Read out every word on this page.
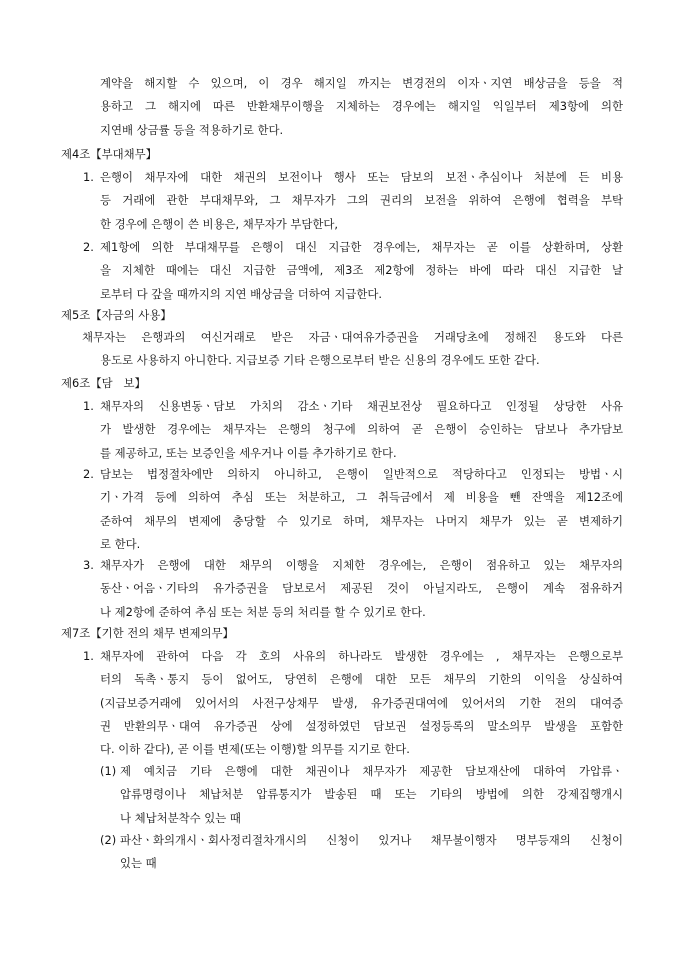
계약을 해지할 수 있으며, 이 경우 해지일 까지는 변경전의 이자ㆍ지연 배상금을 등을 적
용하고 그 해지에 따른 반환채무이행을 지체하는 경우에는 해지일 익일부터 제3항에 의한
지연배 상금률 등을 적용하기로 한다.
제4조【부대채무】
1. 은행이 채무자에 대한 채권의 보전이나 행사 또는 담보의 보전ㆍ추심이나 처분에 든 비용
등 거래에 관한 부대채무와, 그 채무자가 그의 권리의 보전을 위하여 은행에 협력을 부탁
한 경우에 은행이 쓴 비용은, 채무자가 부담한다,
2. 제1항에 의한 부대채무를 은행이 대신 지급한 경우에는, 채무자는 곧 이를 상환하며, 상환
을 지체한 때에는 대신 지급한 금액에, 제3조 제2항에 정하는 바에 따라 대신 지급한 날
로부터 다 갚을 때까지의 지연 배상금을 더하여 지급한다.
제5조【자금의 사용】
채무자는 은행과의 여신거래로 받은 자금ㆍ대여유가증권을 거래당초에 정해진 용도와 다른
용도로 사용하지 아니한다. 지급보증 기타 은행으로부터 받은 신용의 경우에도 또한 같다.
제6조【담   보】
1. 채무자의 신용변동ㆍ담보 가치의 감소ㆍ기타 채권보전상 필요하다고 인정될 상당한 사유
가 발생한 경우에는 채무자는 은행의 청구에 의하여 곧 은행이 승인하는 담보나 추가담보
를 제공하고, 또는 보증인을 세우거나 이를 추가하기로 한다.
2. 담보는 법정절차에만 의하지 아니하고, 은행이 일반적으로 적당하다고 인정되는 방법ㆍ시
기ㆍ가격 등에 의하여 추심 또는 처분하고, 그 취득금에서 제 비용을 뺀 잔액을 제12조에
준하여 채무의 변제에 충당할 수 있기로 하며, 채무자는 나머지 채무가 있는 곧 변제하기
로 한다.
3. 채무자가 은행에 대한 채무의 이행을 지체한 경우에는, 은행이 점유하고 있는 채무자의
동산ㆍ어음ㆍ기타의 유가증권을 담보로서 제공된 것이 아닐지라도, 은행이 계속 점유하거
나 제2항에 준하여 추심 또는 처분 등의 처리를 할 수 있기로 한다.
제7조【기한 전의 채무 변제의무】
1. 채무자에 관하여 다음 각 호의 사유의 하나라도 발생한 경우에는 , 채무자는 은행으로부
터의 독촉ㆍ통지 등이 없어도, 당연히 은행에 대한 모든 채무의 기한의 이익을 상실하여
(지급보증거래에 있어서의 사전구상채무 발생, 유가증권대여에 있어서의 기한 전의 대여증
권 반환의무ㆍ대여 유가증권 상에 설정하였던 담보권 설정등록의 말소의무 발생을 포함한
다. 이하 같다), 곧 이를 변제(또는 이행)할 의무를 지기로 한다.
(1) 제 예치금 기타 은행에 대한 채권이나 채무자가 제공한 담보재산에 대하여 가압류ㆍ
압류명령이나 체납처분 압류통지가 발송된 때 또는 기타의 방법에 의한 강제집행개시
나 체납처분착수 있는 때
(2) 파산ㆍ화의개시ㆍ회사정리절차개시의 신청이 있거나 채무불이행자 명부등재의 신청이
있는 때
